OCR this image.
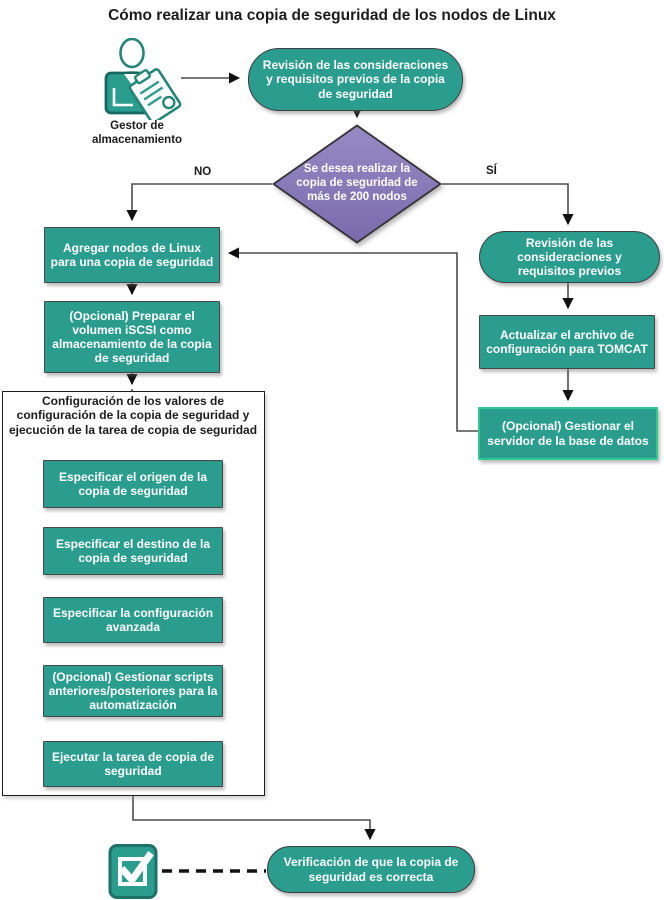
Cómo realizar una copia de seguridad de los nodos de Linux
Gestor de almacenamiento
Revisión de las consideraciones y requisitos previos de la copia de seguridad
Se desea realizar la copia de seguridad de más de 200 nodos
NO	SÍ
Agregar nodos de Linux para una copia de seguridad
(Opcional) Preparar el volumen iSCSI como almacenamiento de la copia de seguridad
Configuración de los valores de configuración de la copia de seguridad y ejecución de la tarea de copia de seguridad
Especificar el origen de la copia de seguridad
Especificar el destino de la copia de seguridad
Especificar la configuración avanzada
(Opcional) Gestionar scripts anteriores/posteriores para la automatización
Ejecutar la tarea de copia de seguridad
Revisión de las consideraciones y requisitos previos
Actualizar el archivo de configuración para TOMCAT
(Opcional) Gestionar el servidor de la base de datos
Verificación de que la copia de seguridad es correcta
